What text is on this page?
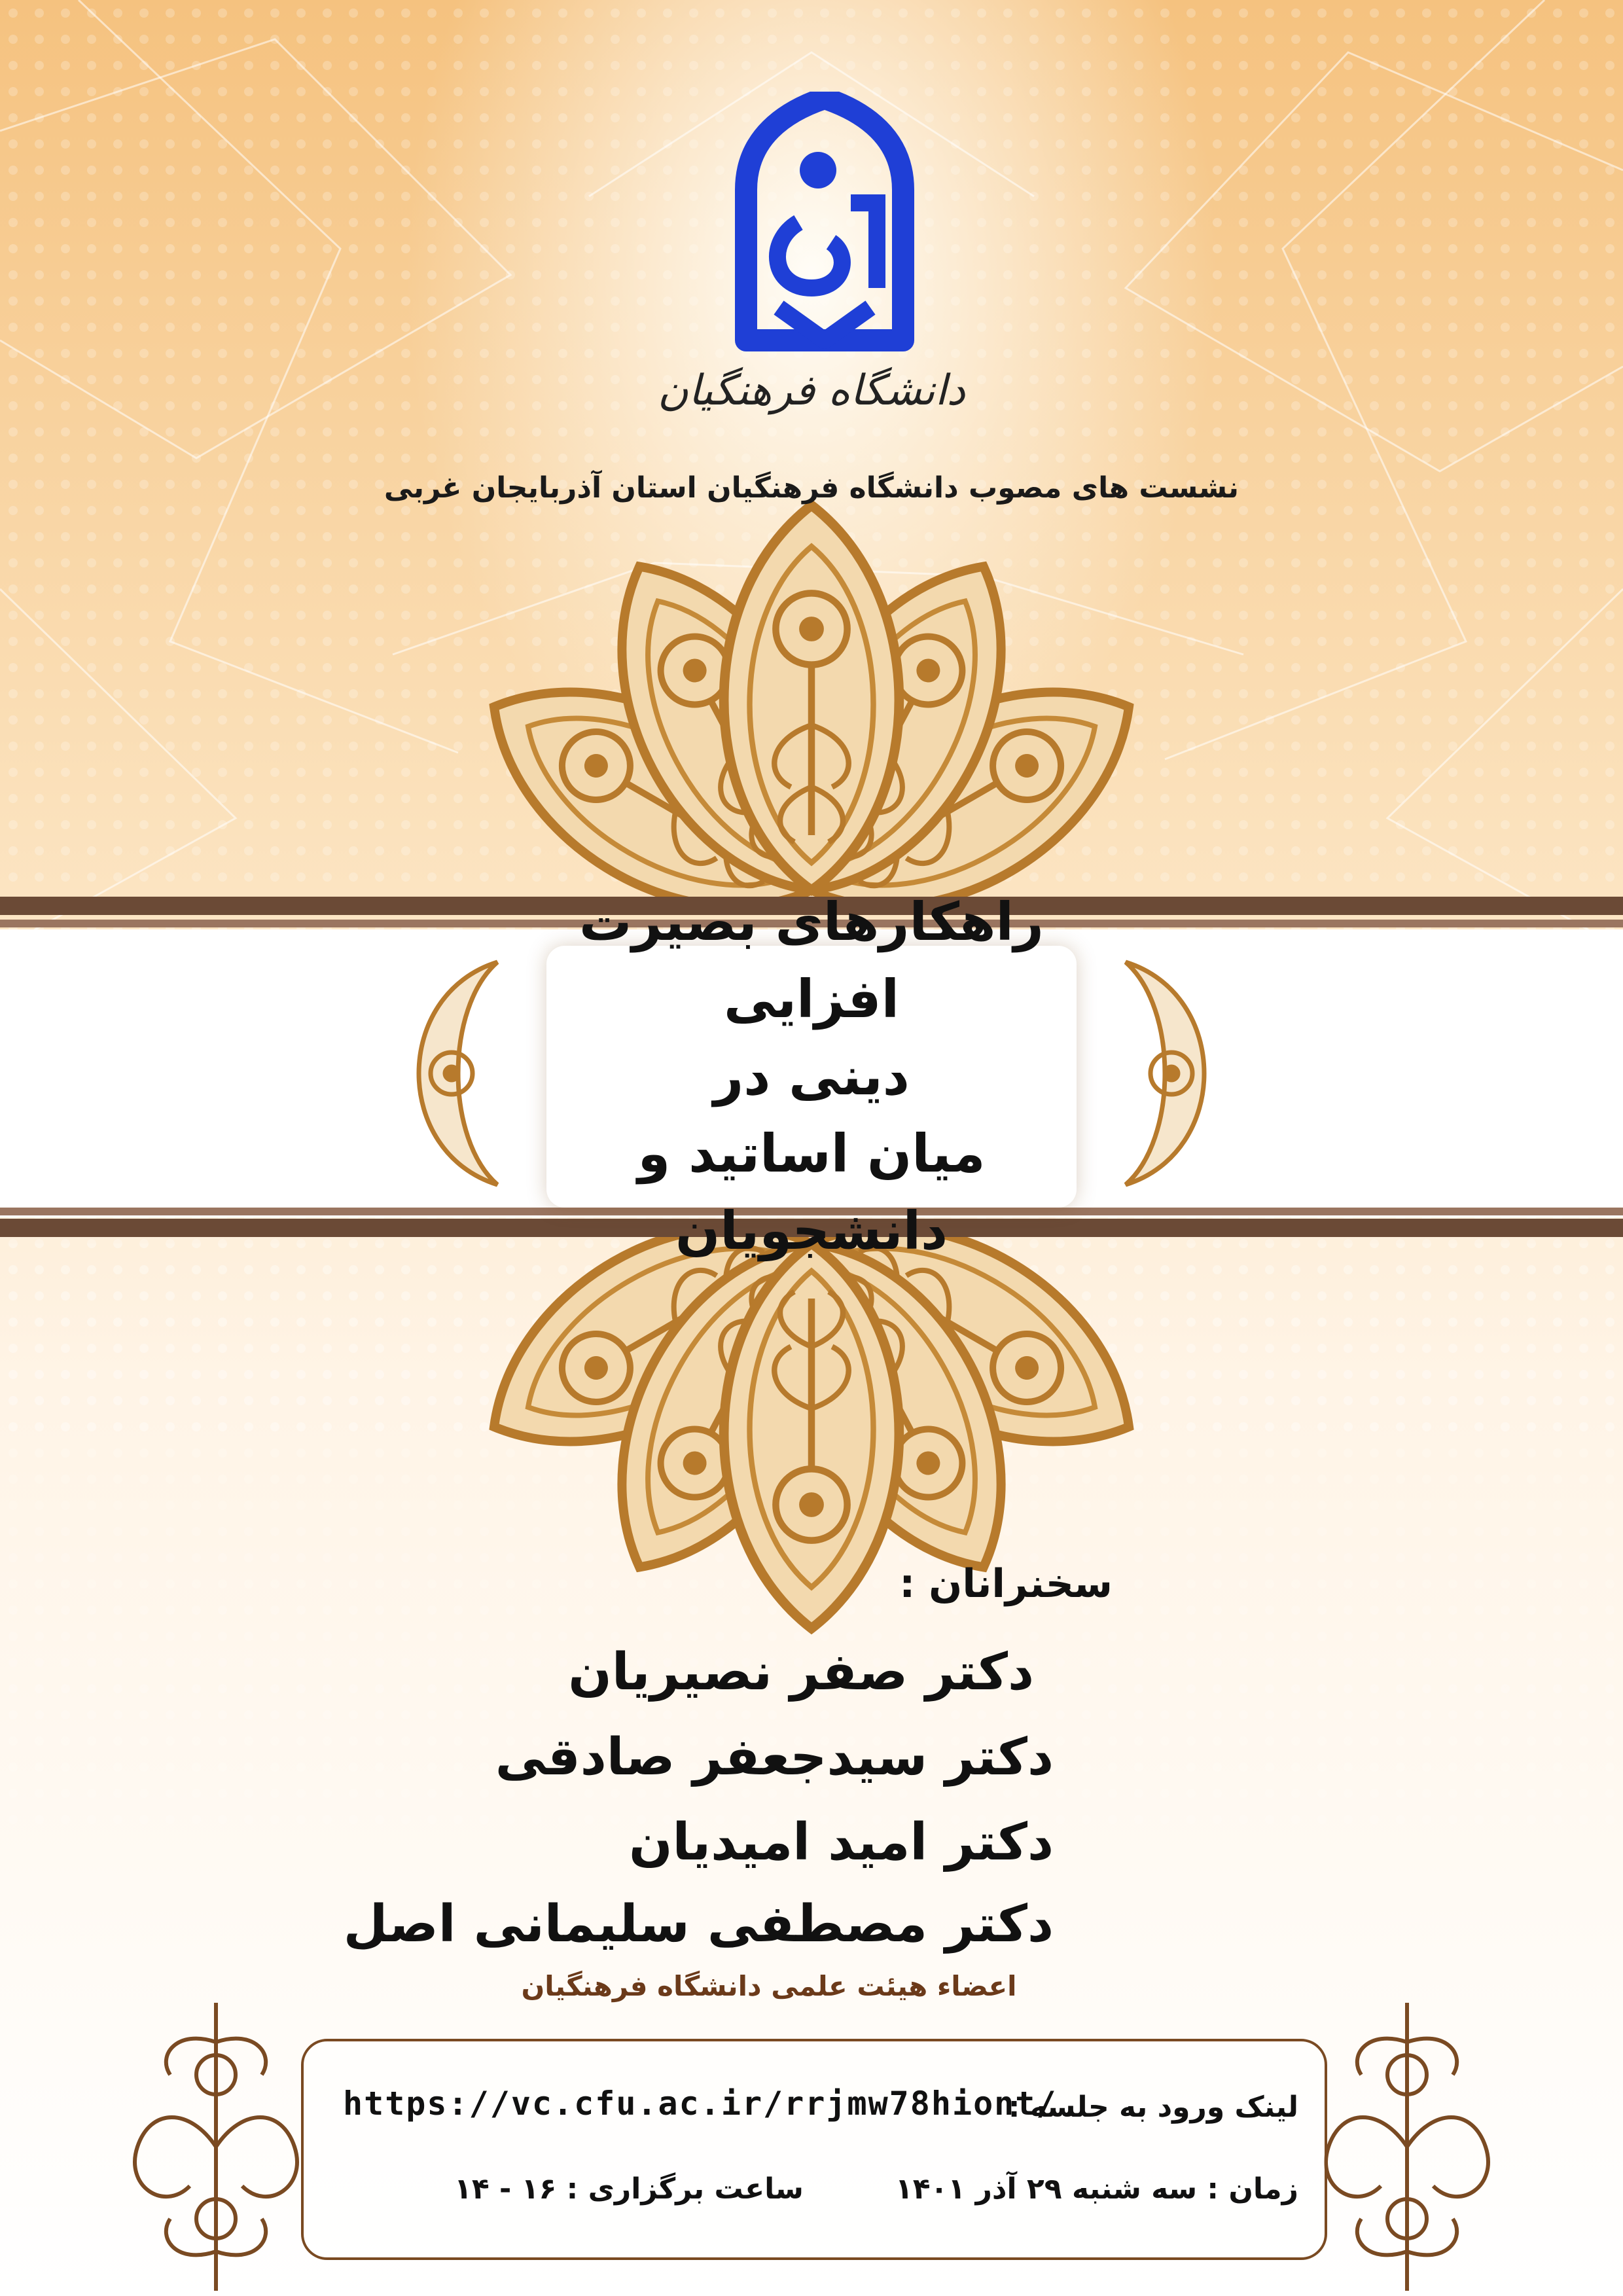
دانشگاه فرهنگیان
نشست های مصوب دانشگاه فرهنگیان استان آذربایجان غربی
راهکارهای بصیرت افزایی
دینی در
میان اساتید و دانشجویان
سخنرانان :
دکتر صفر نصیریان
دکتر سیدجعفر صادقی
دکتر امید امیدیان
دکتر مصطفی سلیمانی اصل
اعضاء هیئت علمی دانشگاه فرهنگیان
لینک ورود به جلسه :
https://vc.cfu.ac.ir/rrjmw78hiont/
زمان : سه شنبه ۲۹ آذر ۱۴۰۱
ساعت برگزاری : ۱۶ - ۱۴
